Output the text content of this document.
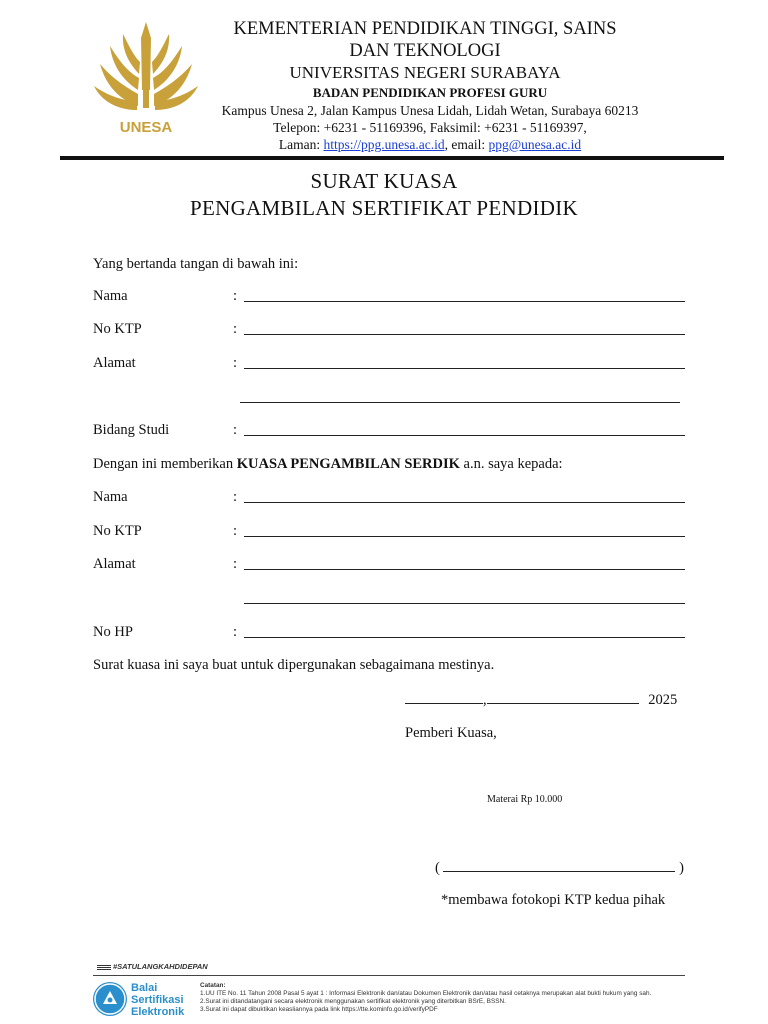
UNESA
KEMENTERIAN PENDIDIKAN TINGGI, SAINS
DAN TEKNOLOGI
UNIVERSITAS NEGERI SURABAYA
BADAN PENDIDIKAN PROFESI GURU
Kampus Unesa 2, Jalan Kampus Unesa Lidah, Lidah Wetan, Surabaya 60213
Telepon: +6231 - 51169396, Faksimil: +6231 - 51169397,
Laman: https://ppg.unesa.ac.id, email: ppg@unesa.ac.id
SURAT KUASA
PENGAMBILAN SERTIFIKAT PENDIDIK
Yang bertanda tangan di bawah ini:
Nama	:
No KTP	:
Alamat	:
Bidang Studi	:
Dengan ini memberikan KUASA PENGAMBILAN SERDIK a.n. saya kepada:
Nama	:
No KTP	:
Alamat	:
No HP	:
Surat kuasa ini saya buat untuk dipergunakan sebagaimana mestinya.
,	2025
Pemberi Kuasa,
Materai Rp 10.000
(	)
*membawa fotokopi KTP kedua pihak
#SATULANGKAHDIDEPAN
Balai
Sertifikasi
Elektronik
Catatan:
1.UU ITE No. 11 Tahun 2008 Pasal 5 ayat 1 : Informasi Elektronik dan/atau Dokumen Elektronik dan/atau hasil cetaknya merupakan alat bukti hukum yang sah.
2.Surat ini ditandatangani secara elektronik menggunakan sertifikat elektronik yang diterbitkan BSrE, BSSN.
3.Surat ini dapat dibuktikan keasliannya pada link https://tte.kominfo.go.id/verifyPDF
